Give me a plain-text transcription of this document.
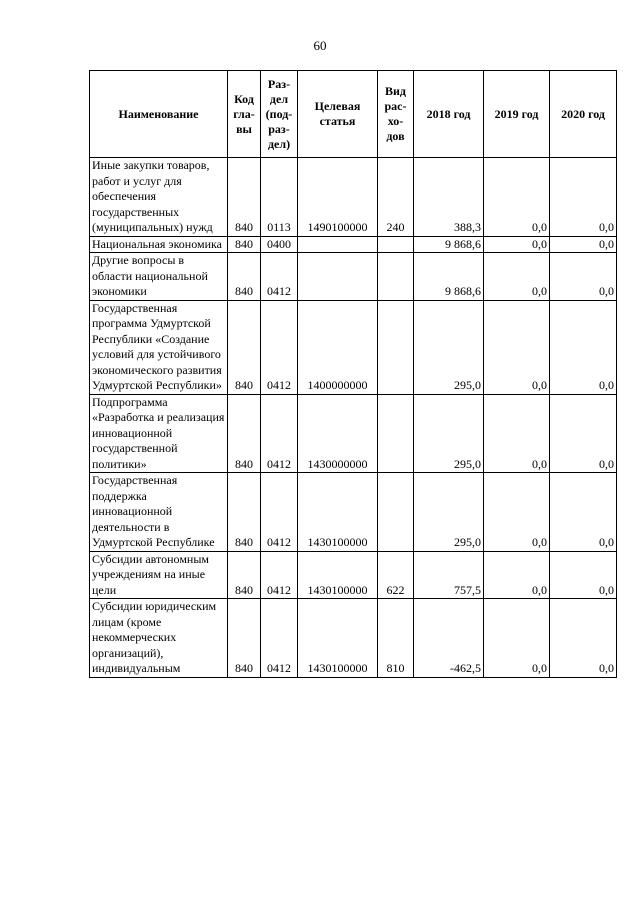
60
Наименование	Код гла-вы	Раз-дел (под-раз-дел)	Целевая статья	Вид рас-хо-дов	2018 год	2019 год	2020 год
Иные закупки товаров, работ и услуг для обеспечения государственных (муниципальных) нужд	840	0113	1490100000	240	388,3	0,0	0,0
Национальная экономика	840	0400			9 868,6	0,0	0,0
Другие вопросы в области национальной экономики	840	0412			9 868,6	0,0	0,0
Государственная программа Удмуртской Республики «Создание условий для устойчивого экономического развития Удмуртской Республики»	840	0412	1400000000		295,0	0,0	0,0
Подпрограмма «Разработка и реализация инновационной государственной политики»	840	0412	1430000000		295,0	0,0	0,0
Государственная поддержка инновационной деятельности в Удмуртской Республике	840	0412	1430100000		295,0	0,0	0,0
Субсидии автономным учреждениям на иные цели	840	0412	1430100000	622	757,5	0,0	0,0
Субсидии юридическим лицам (кроме некоммерческих организаций), индивидуальным	840	0412	1430100000	810	-462,5	0,0	0,0
